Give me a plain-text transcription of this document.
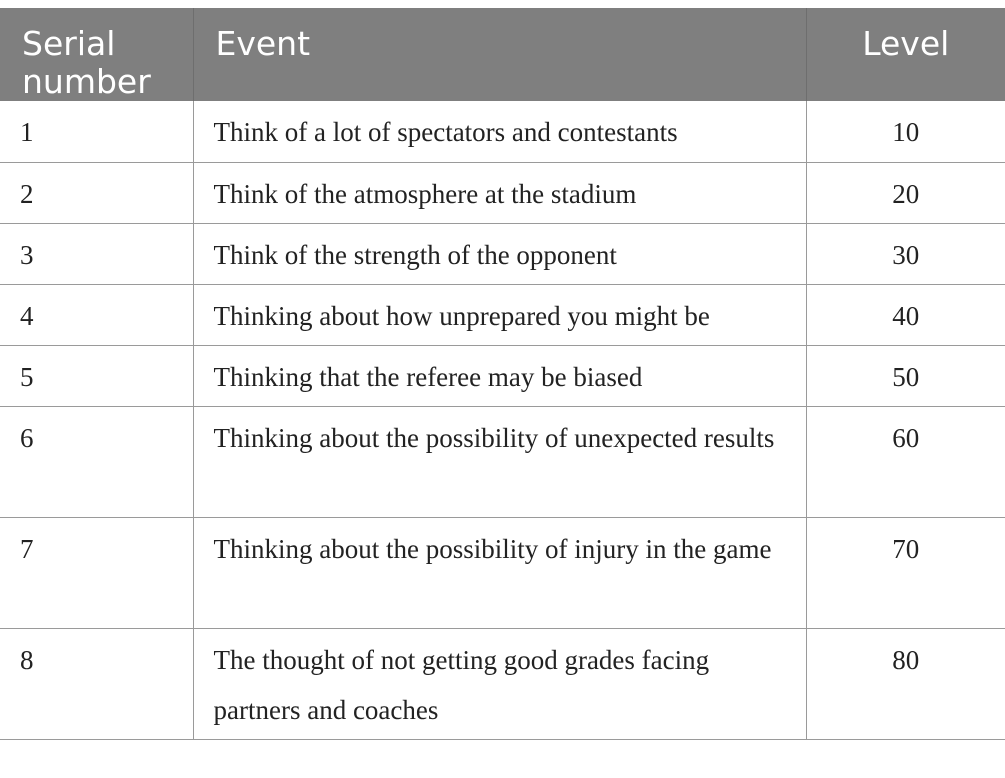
Serial number	Event	Level
1	Think of a lot of spectators and contestants	10
2	Think of the atmosphere at the stadium	20
3	Think of the strength of the opponent	30
4	Thinking about how unprepared you might be	40
5	Thinking that the referee may be biased	50
6	Thinking about the possibility of unexpected results	60
7	Thinking about the possibility of injury in the game	70
8	The thought of not getting good grades facing partners and coaches	80
